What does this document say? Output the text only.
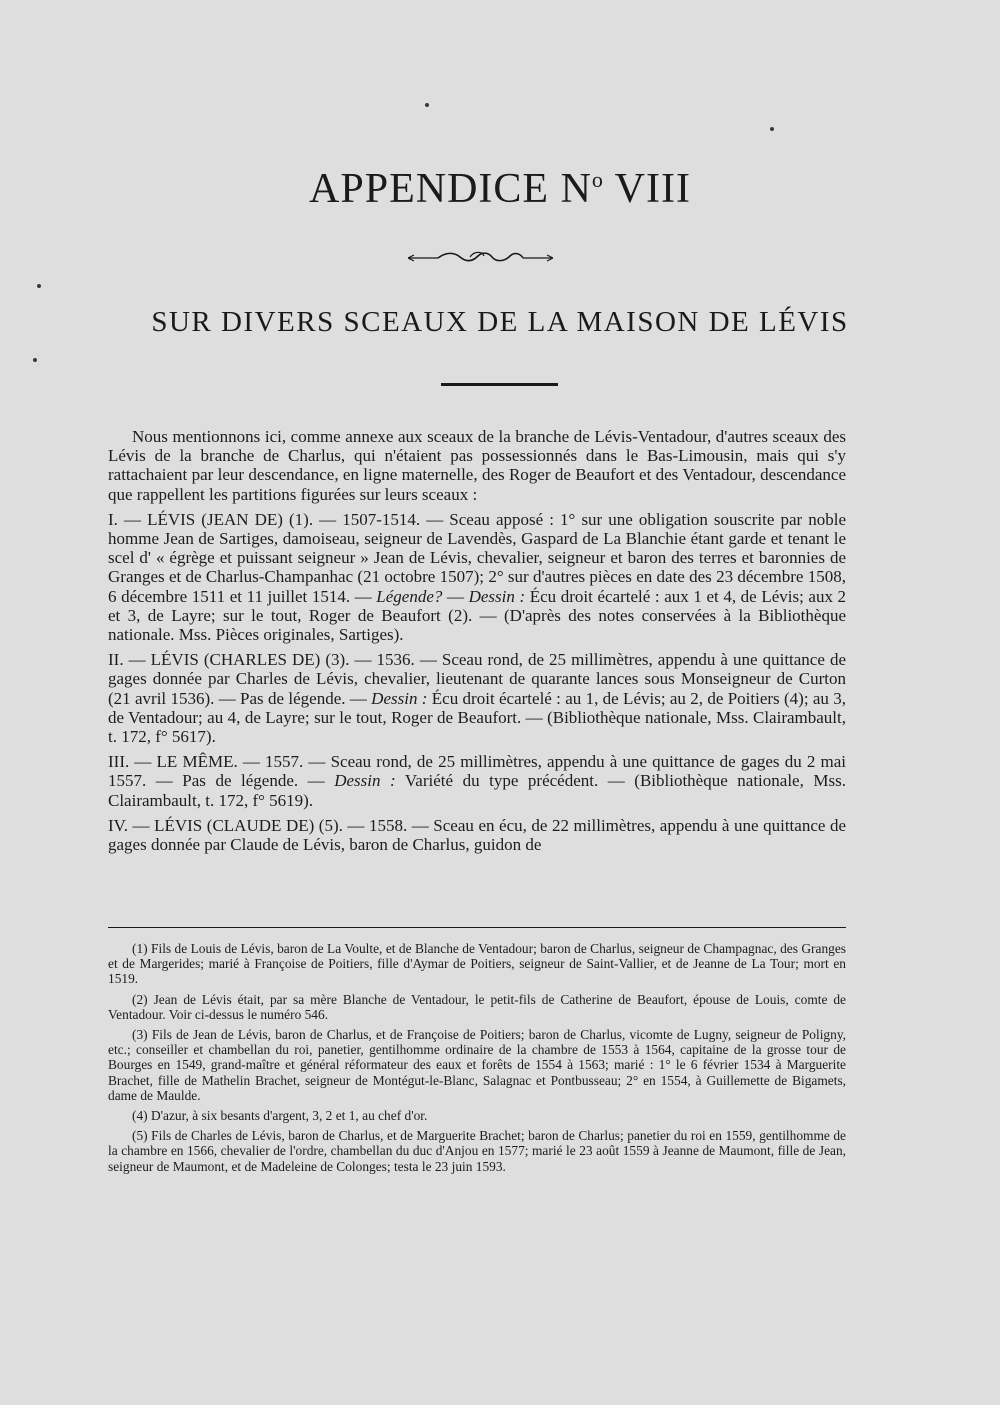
APPENDICE $N^o$ VIII
SUR DIVERS SCEAUX DE LA MAISON DE LÉVIS

Nous mentionnons ici, comme annexe aux sceaux de la branche de Lévis-Ventadour, d'autres sceaux des Lévis de la branche de Charlus, qui n'étaient pas possessionnés dans le Bas-Limousin, mais qui s'y rattachaient par leur descendance, en ligne maternelle, des Roger de Beaufort et des Ventadour, descendance que rappellent les partitions figurées sur leurs sceaux :

I. — LÉVIS (JEAN DE) (1). — 1507-1514. — Sceau apposé : 1° sur une obligation souscrite par noble homme Jean de Sartiges, damoiseau, seigneur de Lavendès, Gaspard de La Blanchie étant garde et tenant le scel d' « égrège et puissant seigneur » Jean de Lévis, chevalier, seigneur et baron des terres et baronnies de Granges et de Charlus-Champanhac (21 octobre 1507); 2° sur d'autres pièces en date des 23 décembre 1508, 6 décembre 1511 et 11 juillet 1514. — Légende? — Dessin : Écu droit écartelé : aux 1 et 4, de Lévis; aux 2 et 3, de Layre; sur le tout, Roger de Beaufort (2). — (D'après des notes conservées à la Bibliothèque nationale. Mss. Pièces originales, Sartiges).

II. — LÉVIS (CHARLES DE) (3). — 1536. — Sceau rond, de 25 millimètres, appendu à une quittance de gages donnée par Charles de Lévis, chevalier, lieutenant de quarante lances sous Monseigneur de Curton (21 avril 1536). — Pas de légende. — Dessin : Écu droit écartelé : au 1, de Lévis; au 2, de Poitiers (4); au 3, de Ventadour; au 4, de Layre; sur le tout, Roger de Beaufort. — (Bibliothèque nationale, Mss. Clairambault, t. 172, f° 5617).

III. — LE MÊME. — 1557. — Sceau rond, de 25 millimètres, appendu à une quittance de gages du 2 mai 1557. — Pas de légende. — Dessin : Variété du type précédent. — (Bibliothèque nationale, Mss. Clairambault, t. 172, f° 5619).

IV. — LÉVIS (CLAUDE DE) (5). — 1558. — Sceau en écu, de 22 millimètres, appendu à une quittance de gages donnée par Claude de Lévis, baron de Charlus, guidon de

(1) Fils de Louis de Lévis, baron de La Voulte, et de Blanche de Ventadour; baron de Charlus, seigneur de Champagnac, des Granges et de Margerides; marié à Françoise de Poitiers, fille d'Aymar de Poitiers, seigneur de Saint-Vallier, et de Jeanne de La Tour; mort en 1519.

(2) Jean de Lévis était, par sa mère Blanche de Ventadour, le petit-fils de Catherine de Beaufort, épouse de Louis, comte de Ventadour. Voir ci-dessus le numéro 546.

(3) Fils de Jean de Lévis, baron de Charlus, et de Françoise de Poitiers; baron de Charlus, vicomte de Lugny, seigneur de Poligny, etc.; conseiller et chambellan du roi, panetier, gentilhomme ordinaire de la chambre de 1553 à 1564, capitaine de la grosse tour de Bourges en 1549, grand-maître et général réformateur des eaux et forêts de 1554 à 1563; marié : 1° le 6 février 1534 à Marguerite Brachet, fille de Mathelin Brachet, seigneur de Montégut-le-Blanc, Salagnac et Pontbusseau; 2° en 1554, à Guillemette de Bigamets, dame de Maulde.

(4) D'azur, à six besants d'argent, 3, 2 et 1, au chef d'or.

(5) Fils de Charles de Lévis, baron de Charlus, et de Marguerite Brachet; baron de Charlus; panetier du roi en 1559, gentilhomme de la chambre en 1566, chevalier de l'ordre, chambellan du duc d'Anjou en 1577; marié le 23 août 1559 à Jeanne de Maumont, fille de Jean, seigneur de Maumont, et de Madeleine de Colonges; testa le 23 juin 1593.
